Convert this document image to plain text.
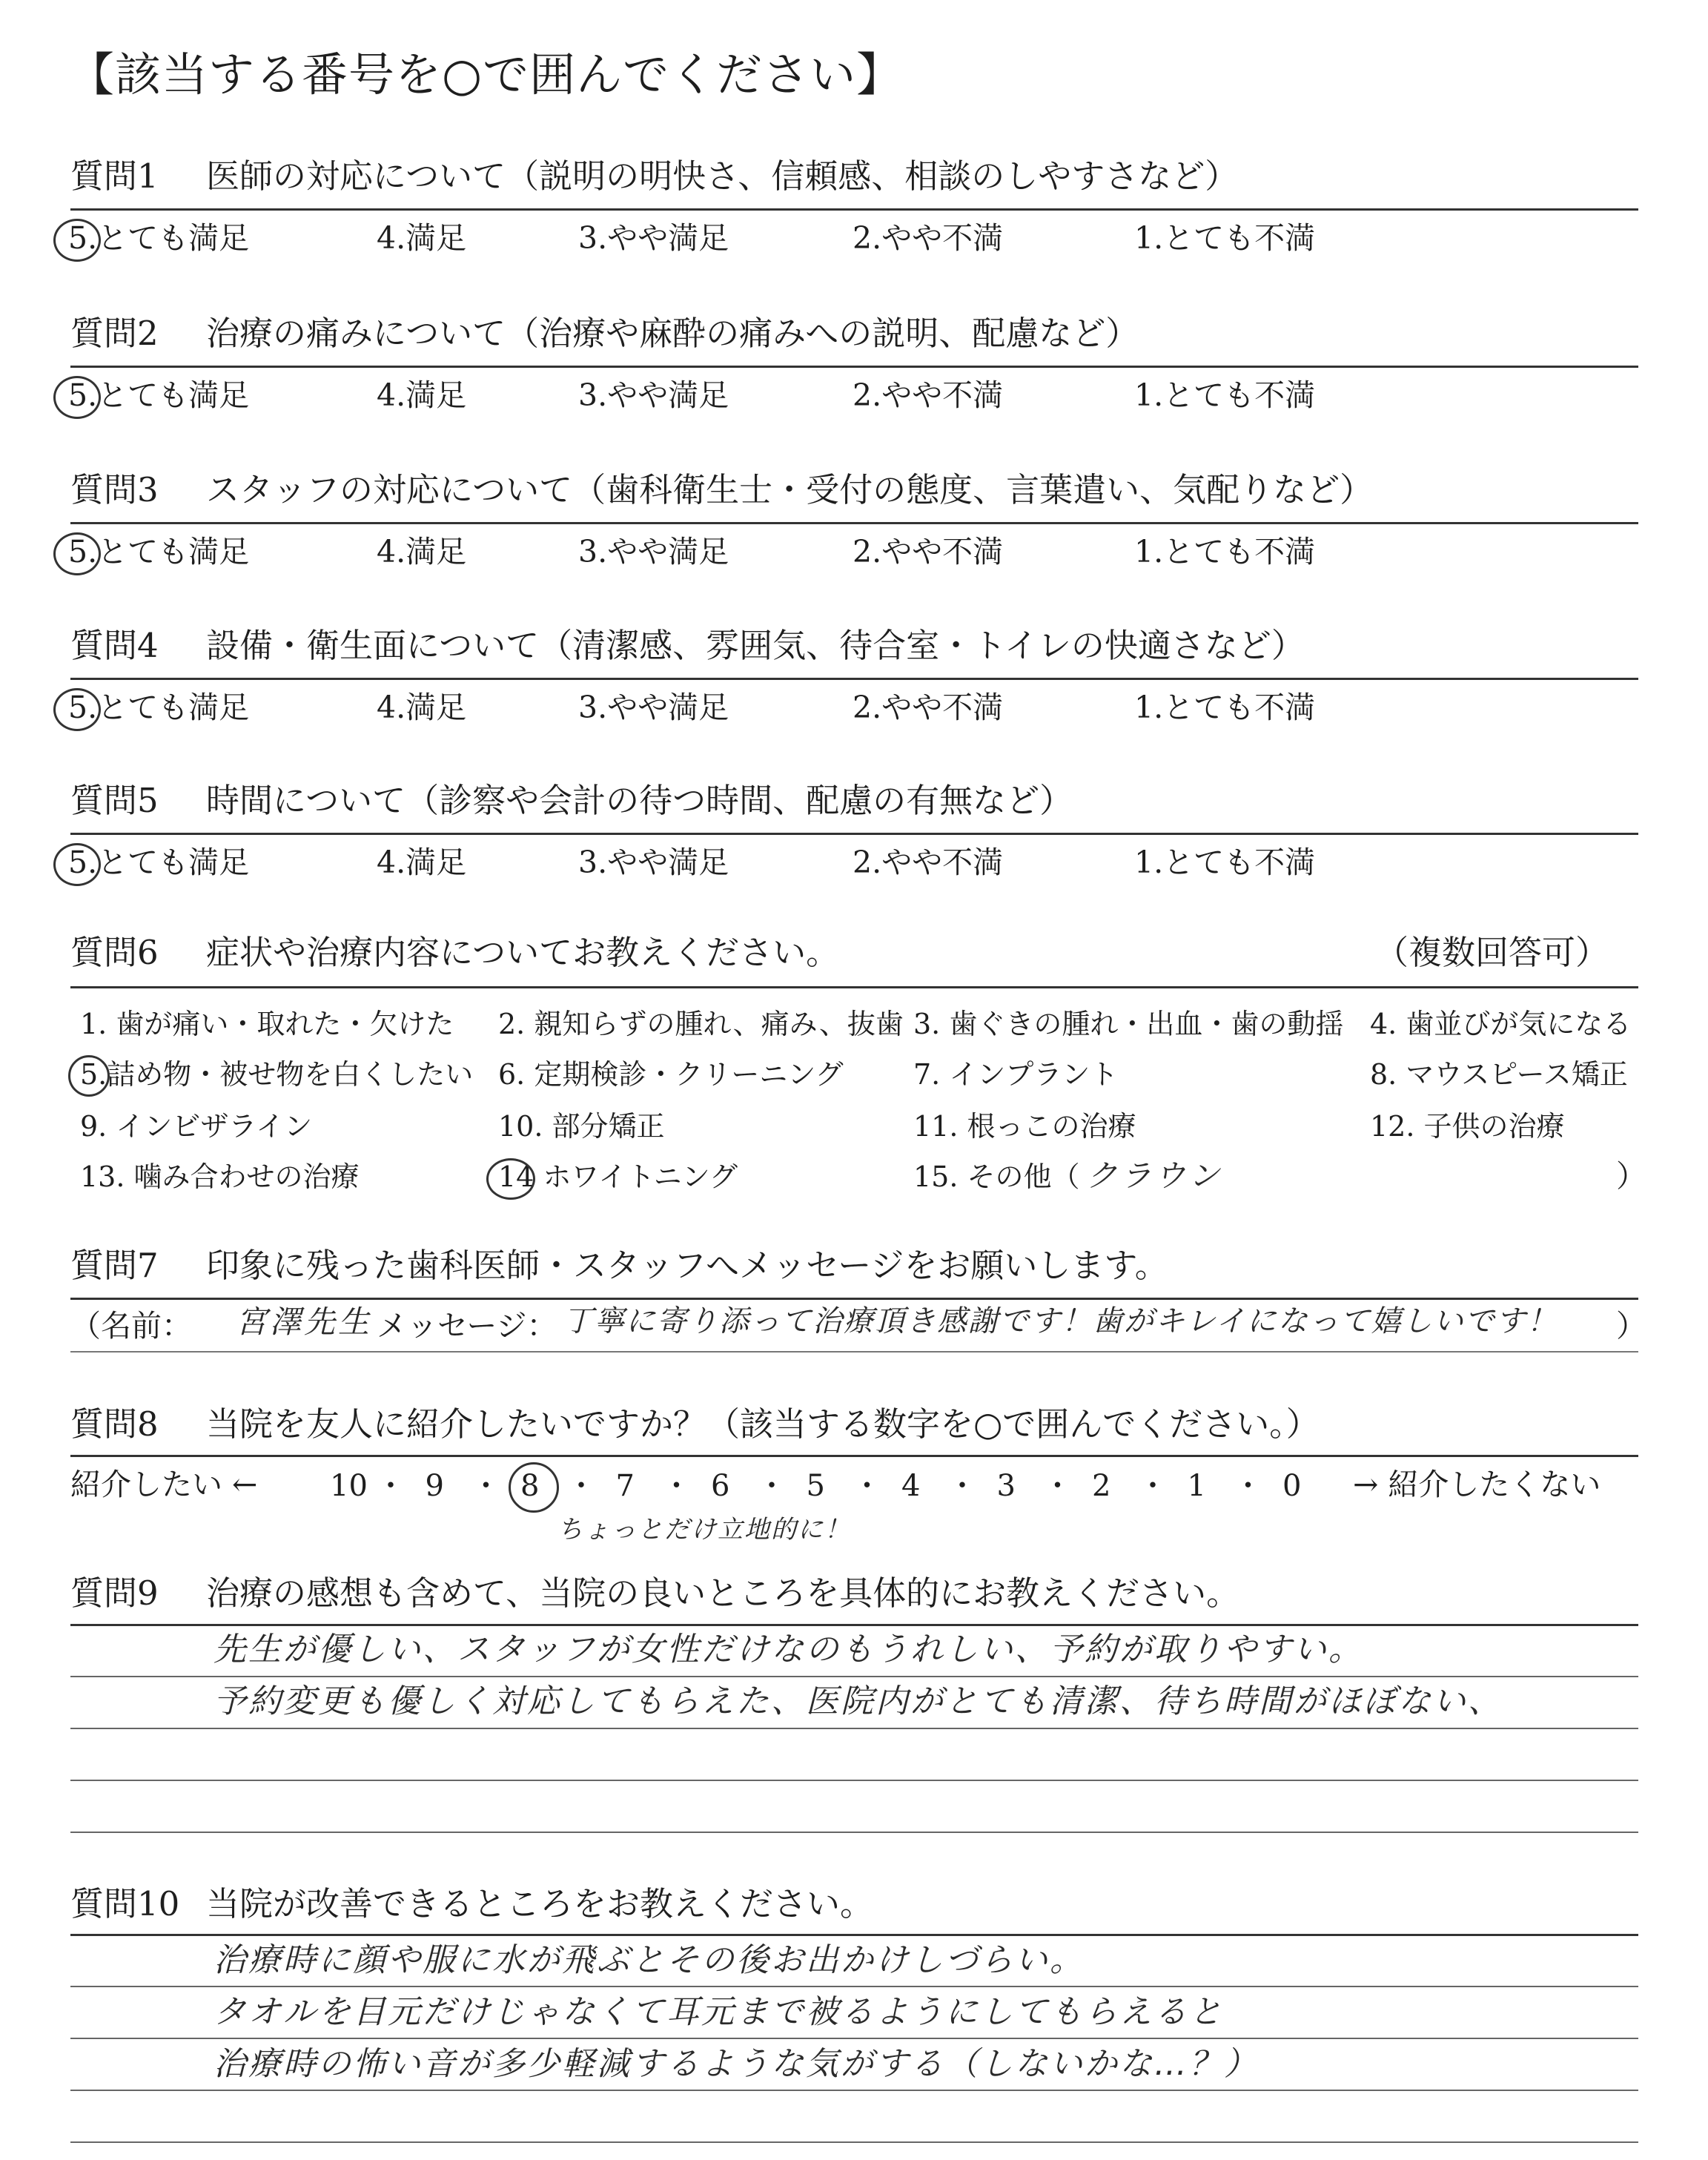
【該当する番号を○で囲んでください】
質問1 医師の対応について（説明の明快さ、信頼感、相談のしやすさなど）
5.とても満足	4.満足	3.やや満足	2.やや不満	1.とても不満
質問2 治療の痛みについて（治療や麻酔の痛みへの説明、配慮など）
5.とても満足	4.満足	3.やや満足	2.やや不満	1.とても不満
質問3 スタッフの対応について（歯科衛生士・受付の態度、言葉遣い、気配りなど）
5.とても満足	4.満足	3.やや満足	2.やや不満	1.とても不満
質問4 設備・衛生面について（清潔感、雰囲気、待合室・トイレの快適さなど）
5.とても満足	4.満足	3.やや満足	2.やや不満	1.とても不満
質問5 時間について（診察や会計の待つ時間、配慮の有無など）
5.とても満足	4.満足	3.やや満足	2.やや不満	1.とても不満
質問6 症状や治療内容についてお教えください。	（複数回答可）
1. 歯が痛い・取れた・欠けた 2. 親知らずの腫れ、痛み、抜歯 3. 歯ぐきの腫れ・出血・歯の動揺 4. 歯並びが気になる
5.詰め物・被せ物を白くしたい 6. 定期検診・クリーニング 7. インプラント	8. マウスピース矯正
9. インビザライン	10. 部分矯正	11. 根っこの治療	12. 子供の治療
13. 噛み合わせの治療	14 ホワイトニング	15. その他（ クラウン	）
質問7 印象に残った歯科医師・スタッフへメッセージをお願いします。
（名前： 宮澤先生 メッセージ： 丁寧に寄り添って治療頂き感謝です！歯がキレイになって嬉しいです！ ）
質問8 当院を友人に紹介したいですか？（該当する数字を○で囲んでください。）
紹介したい ← 10 ・ 9 ・ 8 ・ 7 ・ 6 ・ 5 ・ 4 ・ 3 ・ 2 ・ 1 ・ 0 → 紹介したくない
ちょっとだけ立地的に！
質問9 治療の感想も含めて、当院の良いところを具体的にお教えください。
先生が優しい、スタッフが女性だけなのもうれしい、予約が取りやすい。
予約変更も優しく対応してもらえた、医院内がとても清潔、待ち時間がほぼない、
質問10 当院が改善できるところをお教えください。
治療時に顔や服に水が飛ぶとその後お出かけしづらい。
タオルを目元だけじゃなくて耳元まで被るようにしてもらえると
治療時の怖い音が多少軽減するような気がする（しないかな…？）
